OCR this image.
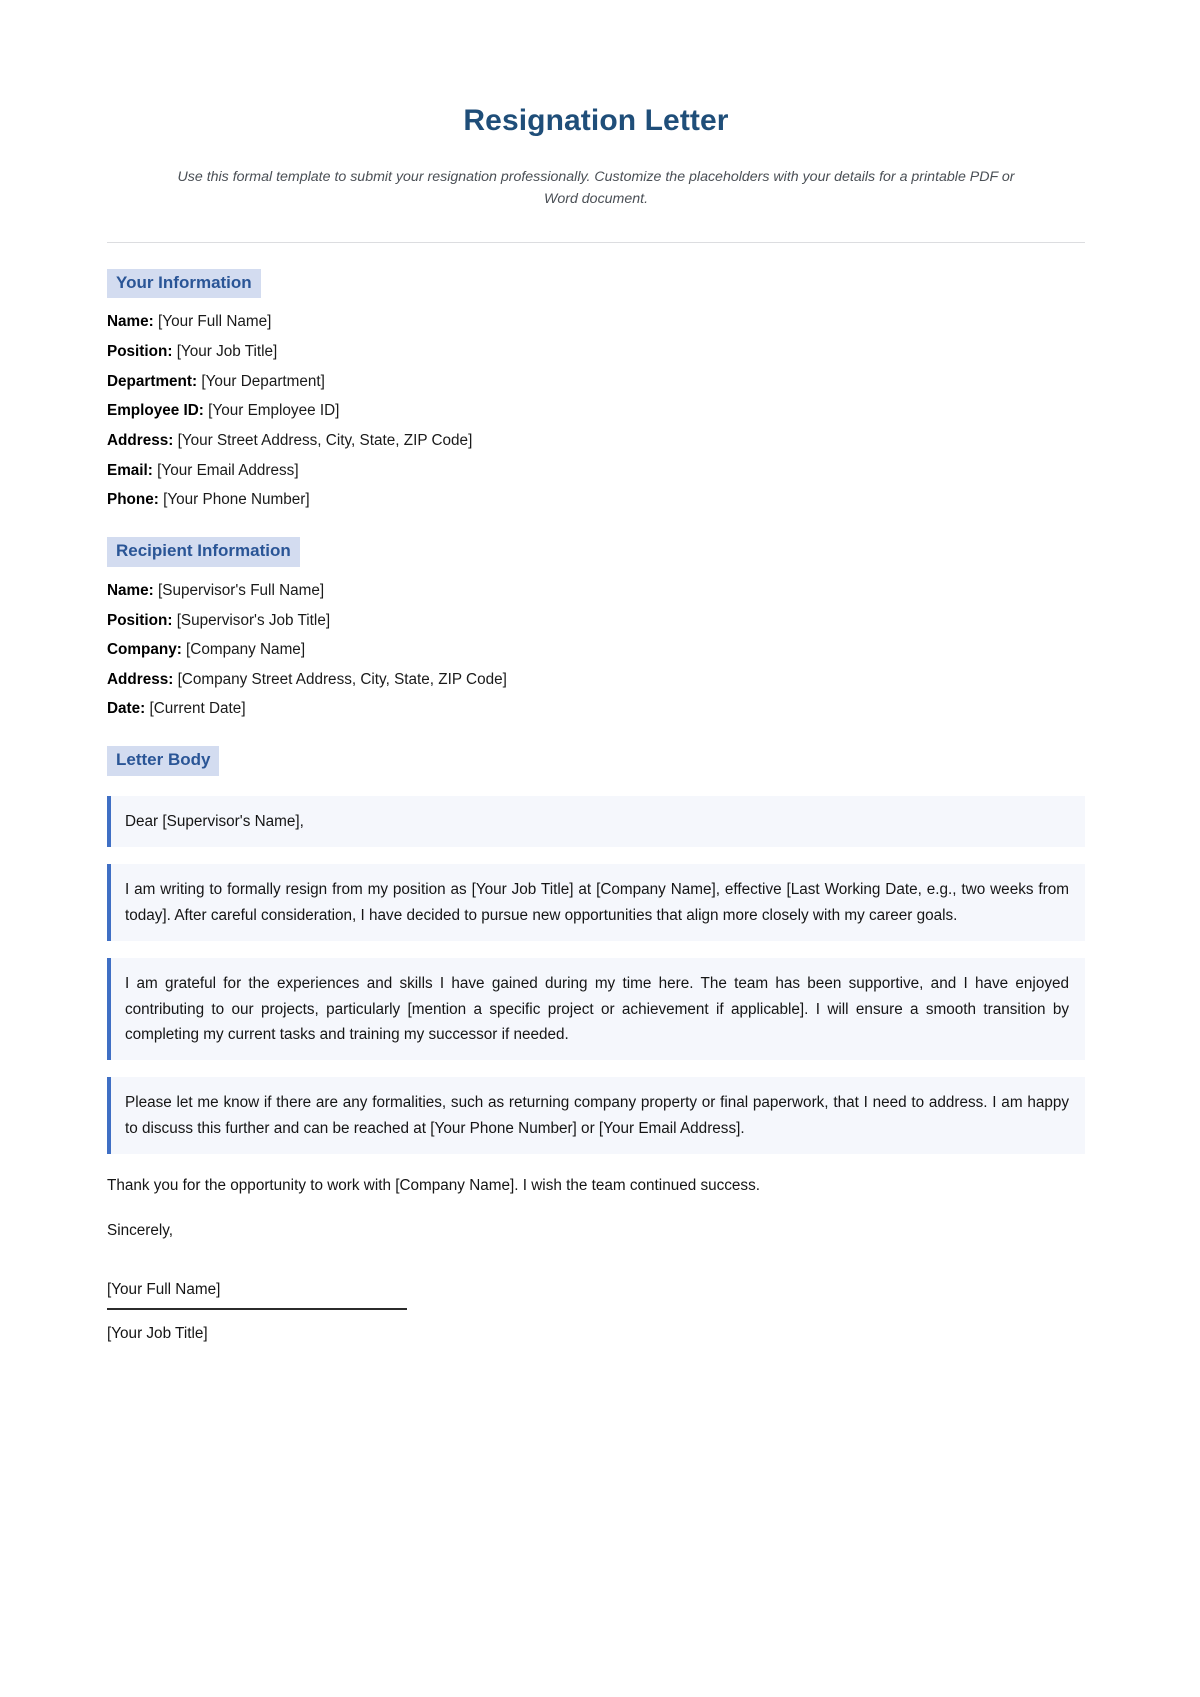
Resignation Letter

Use this formal template to submit your resignation professionally. Customize the placeholders with your details for a printable PDF or Word document.

Your Information

Name: [Your Full Name]

Position: [Your Job Title]

Department: [Your Department]

Employee ID: [Your Employee ID]

Address: [Your Street Address, City, State, ZIP Code]

Email: [Your Email Address]

Phone: [Your Phone Number]

Recipient Information

Name: [Supervisor's Full Name]

Position: [Supervisor's Job Title]

Company: [Company Name]

Address: [Company Street Address, City, State, ZIP Code]

Date: [Current Date]

Letter Body
Dear [Supervisor's Name],
I am writing to formally resign from my position as [Your Job Title] at [Company Name], effective [Last Working Date, e.g., two weeks from today]. After careful consideration, I have decided to pursue new opportunities that align more closely with my career goals.
I am grateful for the experiences and skills I have gained during my time here. The team has been supportive, and I have enjoyed contributing to our projects, particularly [mention a specific project or achievement if applicable]. I will ensure a smooth transition by completing my current tasks and training my successor if needed.
Please let me know if there are any formalities, such as returning company property or final paperwork, that I need to address. I am happy to discuss this further and can be reached at [Your Phone Number] or [Your Email Address].

Thank you for the opportunity to work with [Company Name]. I wish the team continued success.

Sincerely,

[Your Full Name]

[Your Job Title]
